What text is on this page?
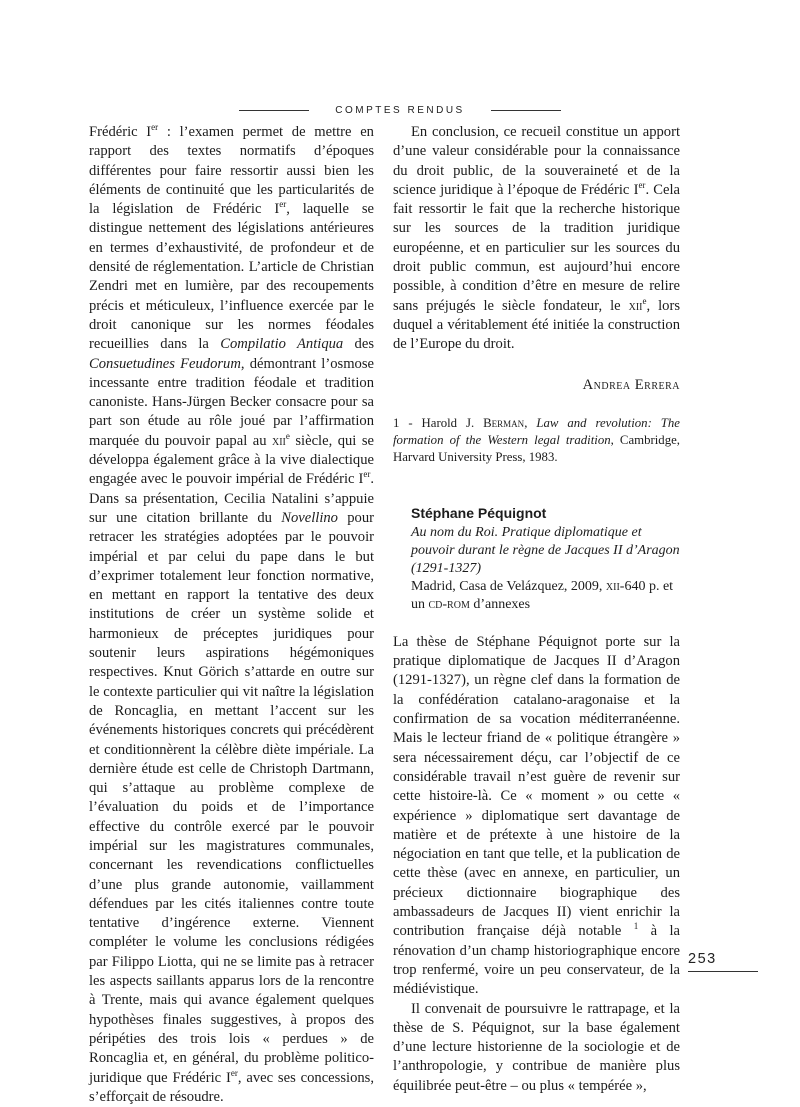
COMPTES RENDUS

Frédéric Ier : l’examen permet de mettre en rapport des textes normatifs d’époques différentes pour faire ressortir aussi bien les éléments de continuité que les particularités de la législation de Frédéric Ier, laquelle se distingue nettement des législations antérieures en termes d’exhaustivité, de profondeur et de densité de réglementation. L’article de Christian Zendri met en lumière, par des recoupements précis et méticuleux, l’influence exercée par le droit canonique sur les normes féodales recueillies dans la Compilatio Antiqua des Consuetudines Feudorum, démontrant l’osmose incessante entre tradition féodale et tradition canoniste. Hans-Jürgen Becker consacre pour sa part son étude au rôle joué par l’affirmation marquée du pouvoir papal au xii$^e$ siècle, qui se développa également grâce à la vive dialectique engagée avec le pouvoir impérial de Frédéric Ier. Dans sa présentation, Cecilia Natalini s’appuie sur une citation brillante du Novellino pour retracer les stratégies adoptées par le pouvoir impérial et par celui du pape dans le but d’exprimer totalement leur fonction normative, en mettant en rapport la tentative des deux institutions de créer un système solide et harmonieux de préceptes juridiques pour soutenir leurs aspirations hégémoniques respectives. Knut Görich s’attarde en outre sur le contexte particulier qui vit naître la législation de Roncaglia, en mettant l’accent sur les événements historiques concrets qui précédèrent et conditionnèrent la célèbre diète impériale. La dernière étude est celle de Christoph Dartmann, qui s’attaque au problème complexe de l’évaluation du poids et de l’importance effective du contrôle exercé par le pouvoir impérial sur les magistratures communales, concernant les revendications conflictuelles d’une plus grande autonomie, vaillamment défendues par les cités italiennes contre toute tentative d’ingérence externe. Viennent compléter le volume les conclusions rédigées par Filippo Liotta, qui ne se limite pas à retracer les aspects saillants apparus lors de la rencontre à Trente, mais qui avance également quelques hypothèses finales suggestives, à propos des péripéties des trois lois « perdues » de Roncaglia et, en général, du problème politico-juridique que Frédéric Ier, avec ses concessions, s’efforçait de résoudre.

En conclusion, ce recueil constitue un apport d’une valeur considérable pour la connaissance du droit public, de la souveraineté et de la science juridique à l’époque de Frédéric Ier. Cela fait ressortir le fait que la recherche historique sur les sources de la tradition juridique européenne, et en particulier sur les sources du droit public commun, est aujourd’hui encore possible, à condition d’être en mesure de relire sans préjugés le siècle fondateur, le xii$^e$, lors duquel a véritablement été initiée la construction de l’Europe du droit.

Andrea Errera

1 - Harold J. Berman, Law and revolution: The formation of the Western legal tradition, Cambridge, Harvard University Press, 1983.

Stéphane Péquignot
Au nom du Roi. Pratique diplomatique et pouvoir durant le règne de Jacques II d’Aragon (1291-1327)
Madrid, Casa de Velázquez, 2009, xii-640 p. et un cd-rom d’annexes

La thèse de Stéphane Péquignot porte sur la pratique diplomatique de Jacques II d’Aragon (1291-1327), un règne clef dans la formation de la confédération catalano-aragonaise et la confirmation de sa vocation méditerranéenne. Mais le lecteur friand de « politique étrangère » sera nécessairement déçu, car l’objectif de ce considérable travail n’est guère de revenir sur cette histoire-là. Ce « moment » ou cette « expérience » diplomatique sert davantage de matière et de prétexte à une histoire de la négociation en tant que telle, et la publication de cette thèse (avec en annexe, en particulier, un précieux dictionnaire biographique des ambassadeurs de Jacques II) vient enrichir la contribution française déjà notable $^1$ à la rénovation d’un champ historiographique encore trop renfermé, voire un peu conservateur, de la médiévistique.

Il convenait de poursuivre le rattrapage, et la thèse de S. Péquignot, sur la base également d’une lecture historienne de la sociologie et de l’anthropologie, y contribue de manière plus équilibrée peut-être – ou plus « tempérée »,

253
